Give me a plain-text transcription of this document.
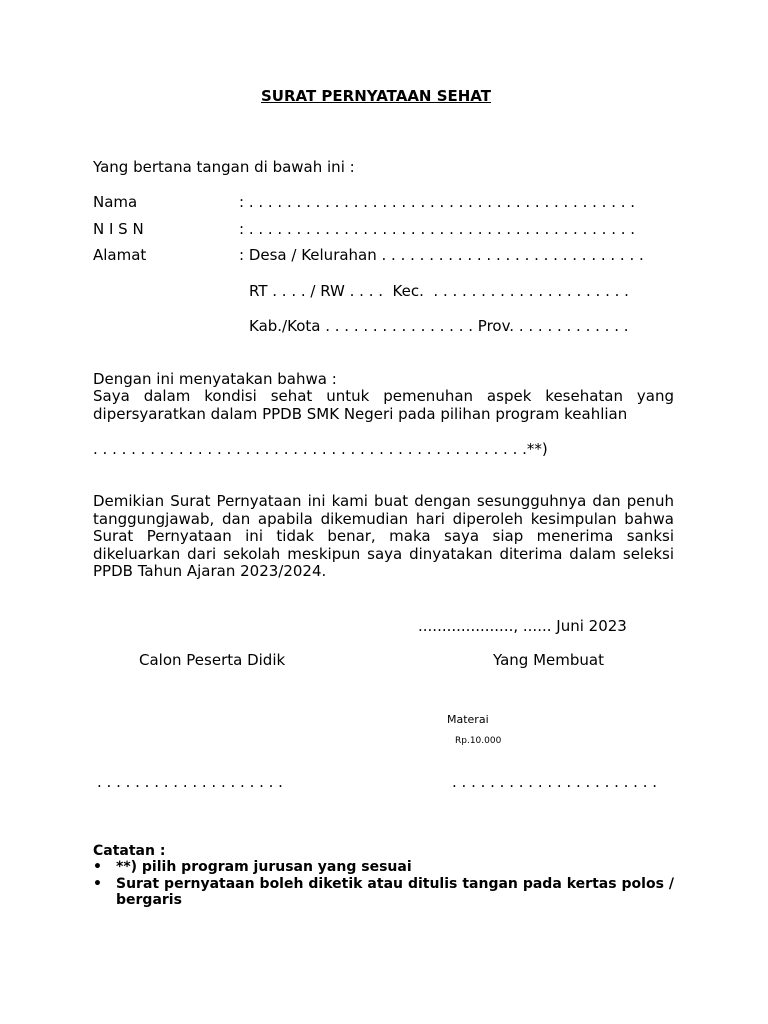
SURAT PERNYATAAN SEHAT
Yang bertana tangan di bawah ini :
Nama	: . . . . . . . . . . . . . . . . . . . . . . . . . . . . . . . . . . . . . . . . .
N I S N	: . . . . . . . . . . . . . . . . . . . . . . . . . . . . . . . . . . . . . . . . .
Alamat	: Desa / Kelurahan . . . . . . . . . . . . . . . . . . . . . . . . . . . .
RT . . . . / RW . . . .  Kec.  . . . . . . . . . . . . . . . . . . . . .
Kab./Kota . . . . . . . . . . . . . . . . Prov. . . . . . . . . . . . .
Dengan ini menyatakan bahwa :

Saya dalam kondisi sehat untuk pemenuhan aspek kesehatan yang dipersyaratkan dalam PPDB SMK Negeri pada pilihan program keahlian

. . . . . . . . . . . . . . . . . . . . . . . . . . . . . . . . . . . . . . . . . . . . . .**)

Demikian Surat Pernyataan ini kami buat dengan sesungguhnya dan penuh tanggungjawab, dan apabila dikemudian hari diperoleh kesimpulan bahwa Surat Pernyataan ini tidak benar, maka saya siap menerima sanksi dikeluarkan dari sekolah meskipun saya dinyatakan diterima dalam seleksi PPDB Tahun Ajaran 2023/2024.

...................., ...... Juni 2023
Calon Peserta Didik	Yang Membuat
Materai
Rp.10.000
. . . . . . . . . . . . . . . . . . . .	. . . . . . . . . . . . . . . . . . . . . .
Catatan :
•	**) pilih program jurusan yang sesuai
•	Surat pernyataan boleh diketik atau ditulis tangan pada kertas polos / bergaris
